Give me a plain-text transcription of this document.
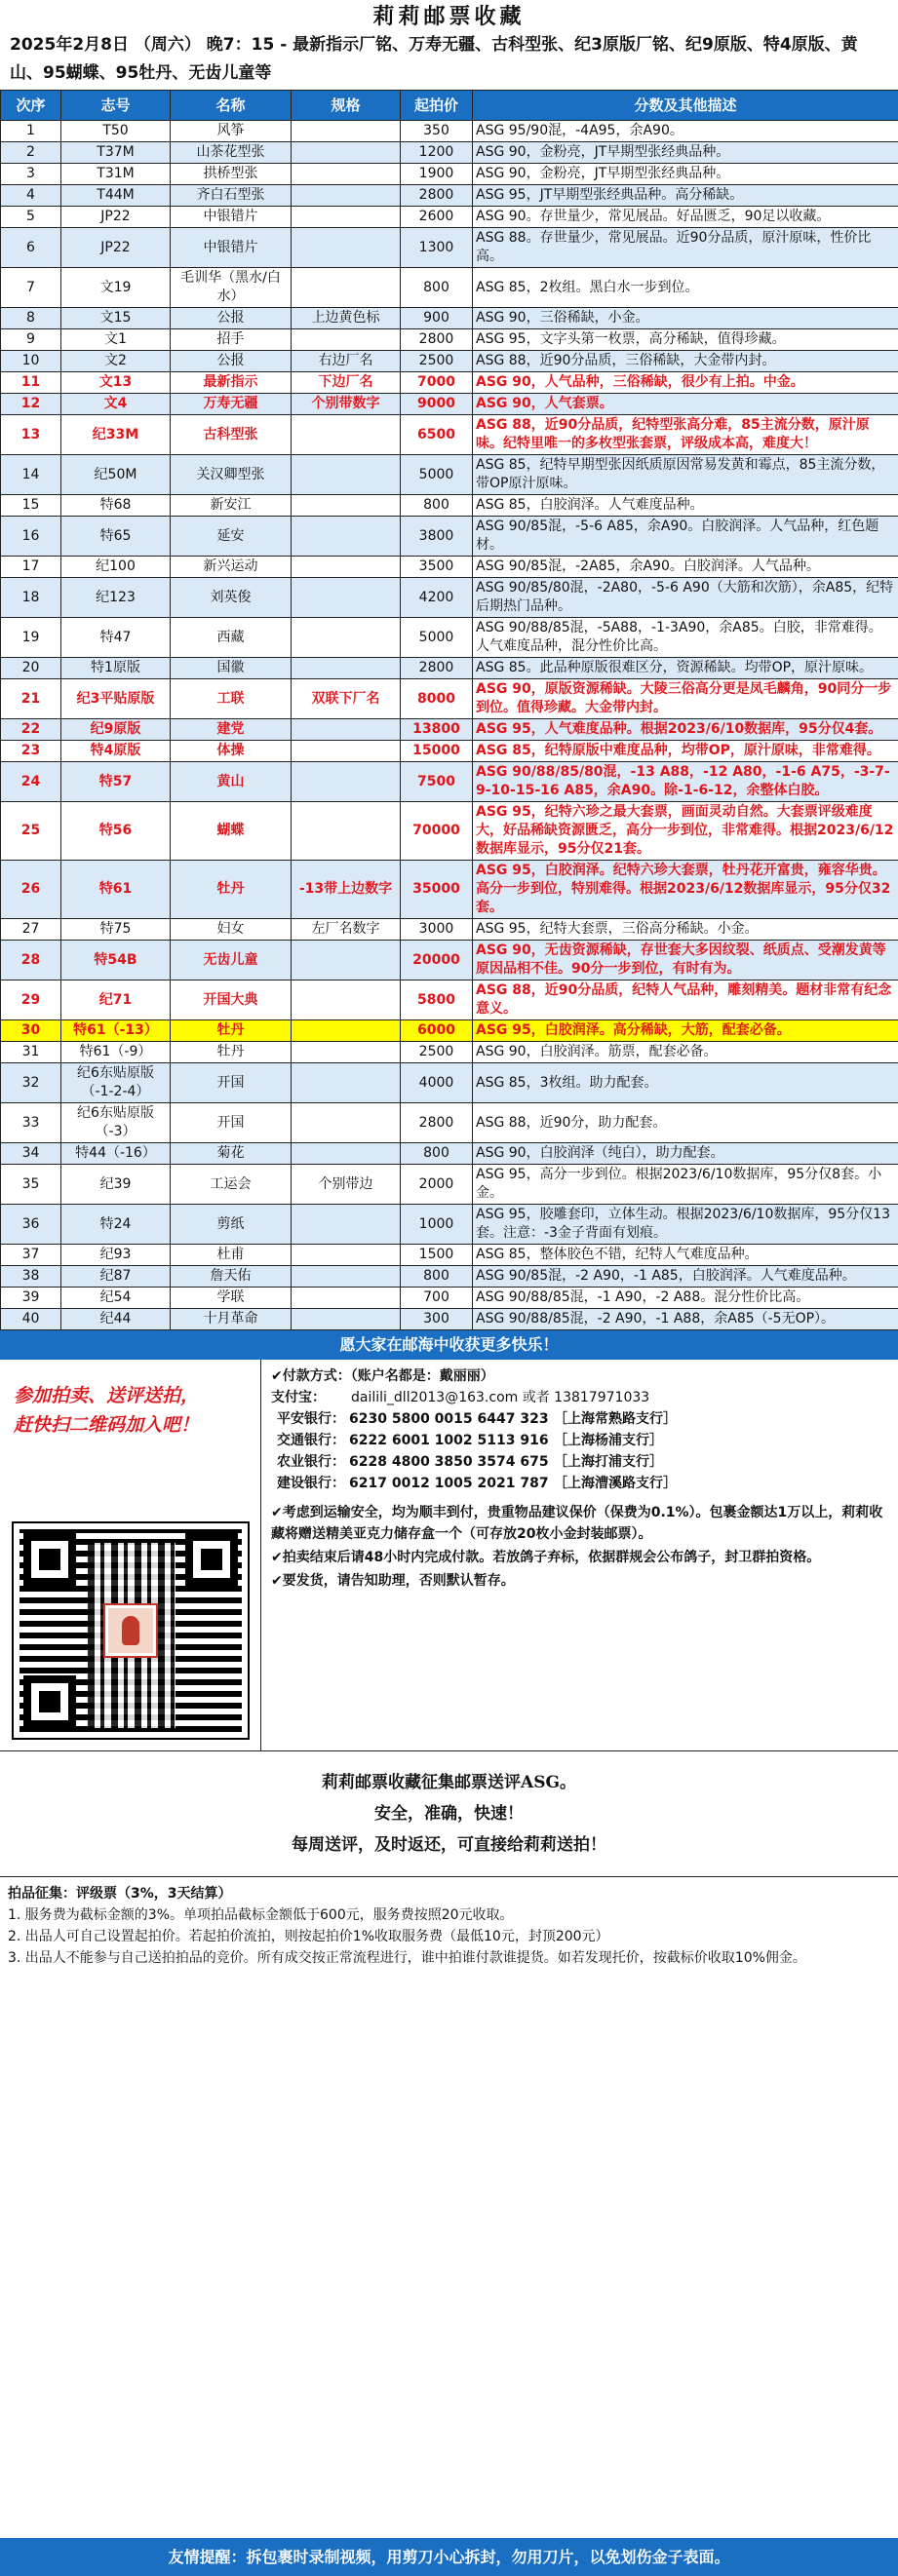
莉莉邮票收藏
2025年2月8日 （周六） 晚7：15 - 最新指示厂铭、万寿无疆、古科型张、纪3原版厂铭、纪9原版、特4原版、黄山、95蝴蝶、95牡丹、无齿儿童等
次序	志号	名称	规格	起拍价	分数及其他描述
1	T50	风筝		350	ASG 95/90混，-4A95，余A90。
2	T37M	山茶花型张		1200	ASG 90，金粉亮，JT早期型张经典品种。
3	T31M	拱桥型张		1900	ASG 90，金粉亮，JT早期型张经典品种。
4	T44M	齐白石型张		2800	ASG 95，JT早期型张经典品种。高分稀缺。
5	JP22	中银错片		2600	ASG 90。存世量少，常见展品。好品匮乏，90足以收藏。
6	JP22	中银错片		1300	ASG 88。存世量少，常见展品。近90分品质，原汁原味，性价比高。
7	文19	毛训华（黑水/白水）		800	ASG 85，2枚组。黑白水一步到位。
8	文15	公报	上边黄色标	900	ASG 90，三俗稀缺，小金。
9	文1	招手		2800	ASG 95，文字头第一枚票，高分稀缺，值得珍藏。
10	文2	公报	右边厂名	2500	ASG 88，近90分品质，三俗稀缺，大金带内封。
11	文13	最新指示	下边厂名	7000	ASG 90，人气品种，三俗稀缺，很少有上拍。中金。
12	文4	万寿无疆	个别带数字	9000	ASG 90，人气套票。
13	纪33M	古科型张		6500	ASG 88，近90分品质，纪特型张高分难，85主流分数，原汁原味。纪特里唯一的多枚型张套票，评级成本高，难度大！
14	纪50M	关汉卿型张		5000	ASG 85，纪特早期型张因纸质原因常易发黄和霉点，85主流分数，带OP原汁原味。
15	特68	新安江		800	ASG 85，白胶润泽。人气难度品种。
16	特65	延安		3800	ASG 90/85混，-5-6 A85，余A90。白胶润泽。人气品种，红色题材。
17	纪100	新兴运动		3500	ASG 90/85混，-2A85，余A90。白胶润泽。人气品种。
18	纪123	刘英俊		4200	ASG 90/85/80混，-2A80，-5-6 A90（大筋和次筋），余A85，纪特后期热门品种。
19	特47	西藏		5000	ASG 90/88/85混，-5A88，-1-3A90，余A85。白胶，非常难得。人气难度品种，混分性价比高。
20	特1原版	国徽		2800	ASG 85。此品种原版很难区分，资源稀缺。均带OP，原汁原味。
21	纪3平贴原版	工联	双联下厂名	8000	ASG 90，原版资源稀缺。大陵三俗高分更是凤毛麟角，90同分一步到位。值得珍藏。大金带内封。
22	纪9原版	建党		13800	ASG 95，人气难度品种。根据2023/6/10数据库，95分仅4套。
23	特4原版	体操		15000	ASG 85，纪特原版中难度品种，均带OP，原汁原味，非常难得。
24	特57	黄山		7500	ASG 90/88/85/80混，-13 A88，-12 A80，-1-6 A75，-3-7-9-10-15-16 A85，余A90。除-1-6-12，余整体白胶。
25	特56	蝴蝶		70000	ASG 95，纪特六珍之最大套票，画面灵动自然。大套票评级难度大，好品稀缺资源匮乏，高分一步到位，非常难得。根据2023/6/12数据库显示，95分仅21套。
26	特61	牡丹	-13带上边数字	35000	ASG 95，白胶润泽。纪特六珍大套票，牡丹花开富贵，雍容华贵。高分一步到位，特别难得。根据2023/6/12数据库显示，95分仅32套。
27	特75	妇女	左厂名数字	3000	ASG 95，纪特大套票，三俗高分稀缺。小金。
28	特54B	无齿儿童		20000	ASG 90，无齿资源稀缺，存世套大多因纹裂、纸质点、受潮发黄等原因品相不佳。90分一步到位，有时有为。
29	纪71	开国大典		5800	ASG 88，近90分品质，纪特人气品种，雕刻精美。题材非常有纪念意义。
30	特61（-13）	牡丹		6000	ASG 95，白胶润泽。高分稀缺，大筋，配套必备。
31	特61（-9）	牡丹		2500	ASG 90，白胶润泽。筋票，配套必备。
32	纪6东贴原版（-1-2-4）	开国		4000	ASG 85，3枚组。助力配套。
33	纪6东贴原版（-3）	开国		2800	ASG 88，近90分，助力配套。
34	特44（-16）	菊花		800	ASG 90，白胶润泽（纯白），助力配套。
35	纪39	工运会	个别带边	2000	ASG 95，高分一步到位。根据2023/6/10数据库，95分仅8套。小金。
36	特24	剪纸		1000	ASG 95，胶雕套印，立体生动。根据2023/6/10数据库，95分仅13套。注意：-3金子背面有划痕。
37	纪93	杜甫		1500	ASG 85，整体胶色不错，纪特人气难度品种。
38	纪87	詹天佑		800	ASG 90/85混，-2 A90，-1 A85，白胶润泽。人气难度品种。
39	纪54	学联		700	ASG 90/88/85混，-1 A90，-2 A88。混分性价比高。
40	纪44	十月革命		300	ASG 90/88/85混，-2 A90，-1 A88，余A85（-5无OP）。
愿大家在邮海中收获更多快乐！
参加拍卖、送评送拍，
赶快扫二维码加入吧！
✔付款方式：（账户名都是：戴丽丽）
支付宝：	dailili_dll2013@163.com 或者 13817971033
平安银行： 6230 5800 0015 6447 323 ［上海常熟路支行］
交通银行： 6222 6001 1002 5113 916 ［上海杨浦支行］
农业银行： 6228 4800 3850 3574 675 ［上海打浦支行］
建设银行： 6217 0012 1005 2021 787 ［上海漕溪路支行］

✔考虑到运输安全，均为顺丰到付，贵重物品建议保价（保费为0.1%）。包裹金额达1万以上，莉莉收藏将赠送精美亚克力储存盒一个（可存放20枚小金封装邮票）。

✔拍卖结束后请48小时内完成付款。若放鸽子弃标，依据群规会公布鸽子，封卫群拍资格。

✔要发货，请告知助理，否则默认暂存。

莉莉邮票收藏征集邮票送评ASG。
安全，准确，快速！
每周送评，及时返还，可直接给莉莉送拍！
拍品征集：评级票（3%，3天结算）
1. 服务费为截标金额的3%。单项拍品截标金额低于600元，服务费按照20元收取。
2. 出品人可自己设置起拍价。若起拍价流拍，则按起拍价1%收取服务费（最低10元，封顶200元）
3. 出品人不能参与自己送拍拍品的竞价。所有成交按正常流程进行，谁中拍谁付款谁提货。如若发现托价，按截标价收取10%佣金。
友情提醒：拆包裹时录制视频，用剪刀小心拆封，勿用刀片，以免划伤金子表面。
